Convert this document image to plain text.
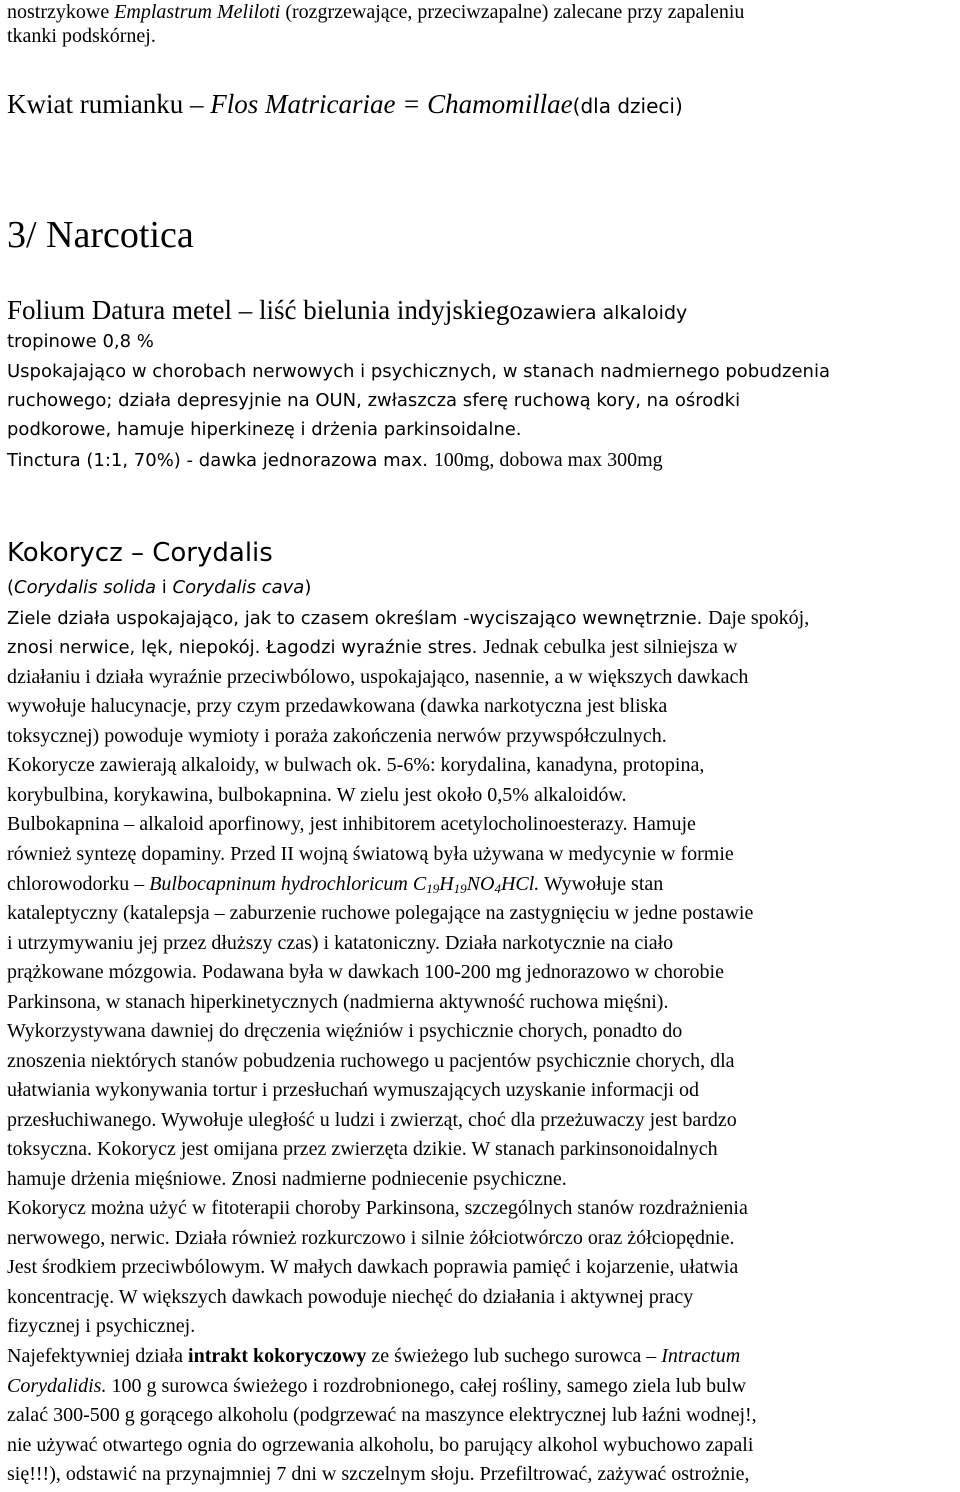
nostrzykowe Emplastrum Meliloti (rozgrzewające, przeciwzapalne) zalecane przy zapaleniu

tkanki podskórnej.

Kwiat rumianku – Flos Matricariae = Chamomillae(dla dzieci)

3/ Narcotica

Folium Datura metel – liść bielunia indyjskiegozawiera alkaloidy

tropinowe 0,8 %

Uspokajająco w chorobach nerwowych i psychicznych, w stanach nadmiernego pobudzenia

ruchowego; działa depresyjnie na OUN, zwłaszcza sferę ruchową kory, na ośrodki

podkorowe, hamuje hiperkinezę i drżenia parkinsoidalne.

Tinctura (1:1, 70%) - dawka jednorazowa max. 100mg, dobowa max 300mg

Kokorycz – Corydalis

(Corydalis solida i Corydalis cava)

Ziele działa uspokajająco, jak to czasem określam -wyciszająco wewnętrznie. Daje spokój,

znosi nerwice, lęk, niepokój. Łagodzi wyraźnie stres. Jednak cebulka jest silniejsza w

działaniu i działa wyraźnie przeciwbólowo, uspokajająco, nasennie, a w większych dawkach

wywołuje halucynacje, przy czym przedawkowana (dawka narkotyczna jest bliska

toksycznej) powoduje wymioty i poraża zakończenia nerwów przywspółczulnych.

Kokorycze zawierają alkaloidy, w bulwach ok. 5-6%: korydalina, kanadyna, protopina,

korybulbina, korykawina, bulbokapnina. W zielu jest około 0,5% alkaloidów.

Bulbokapnina – alkaloid aporfinowy, jest inhibitorem acetylocholinoesterazy. Hamuje

również syntezę dopaminy. Przed II wojną światową była używana w medycynie w formie

chlorowodorku – Bulbocapninum hydrochloricum $C_{19}H_{19}NO_4HCl$. Wywołuje stan

kataleptyczny (katalepsja – zaburzenie ruchowe polegające na zastygnięciu w jedne postawie

i utrzymywaniu jej przez dłuższy czas) i katatoniczny. Działa narkotycznie na ciało

prążkowane mózgowia. Podawana była w dawkach 100-200 mg jednorazowo w chorobie

Parkinsona, w stanach hiperkinetycznych (nadmierna aktywność ruchowa mięśni).

Wykorzystywana dawniej do dręczenia więźniów i psychicznie chorych, ponadto do

znoszenia niektórych stanów pobudzenia ruchowego u pacjentów psychicznie chorych, dla

ułatwiania wykonywania tortur i przesłuchań wymuszających uzyskanie informacji od

przesłuchiwanego. Wywołuje uległość u ludzi i zwierząt, choć dla przeżuwaczy jest bardzo

toksyczna. Kokorycz jest omijana przez zwierzęta dzikie. W stanach parkinsonoidalnych

hamuje drżenia mięśniowe. Znosi nadmierne podniecenie psychiczne.

Kokorycz można użyć w fitoterapii choroby Parkinsona, szczególnych stanów rozdrażnienia

nerwowego, nerwic. Działa również rozkurczowo i silnie żółciotwórczo oraz żółciopędnie.

Jest środkiem przeciwbólowym. W małych dawkach poprawia pamięć i kojarzenie, ułatwia

koncentrację. W większych dawkach powoduje niechęć do działania i aktywnej pracy

fizycznej i psychicznej.

Najefektywniej działa intrakt kokoryczowy ze świeżego lub suchego surowca – Intractum

Corydalidis. 100 g surowca świeżego i rozdrobnionego, całej rośliny, samego ziela lub bulw

zalać 300-500 g gorącego alkoholu (podgrzewać na maszynce elektrycznej lub łaźni wodnej!,

nie używać otwartego ognia do ogrzewania alkoholu, bo parujący alkohol wybuchowo zapali

się!!!), odstawić na przynajmniej 7 dni w szczelnym słoju. Przefiltrować, zażywać ostrożnie,
